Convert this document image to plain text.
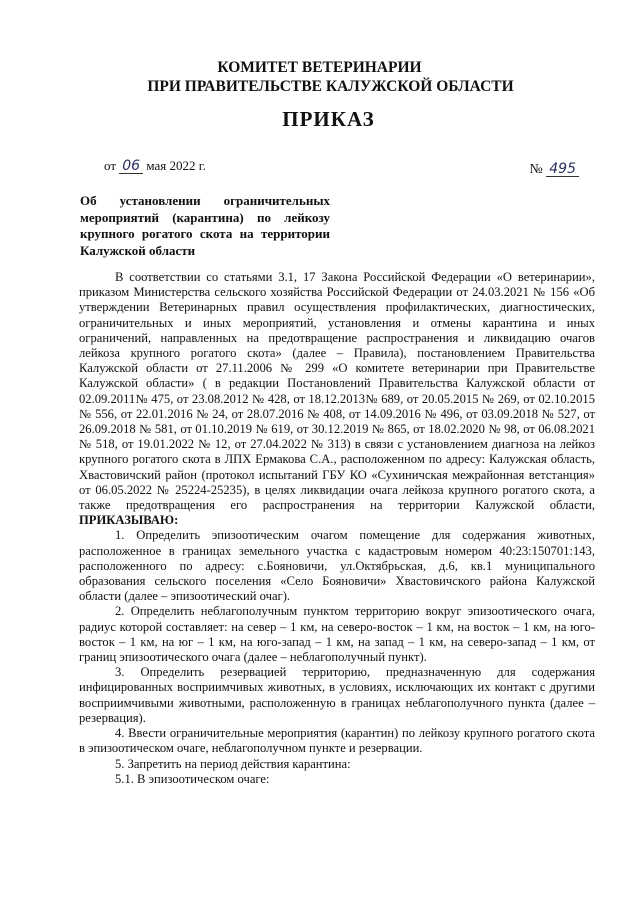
КОМИТЕТ ВЕТЕРИНАРИИ
ПРИ ПРАВИТЕЛЬСТВЕ КАЛУЖСКОЙ ОБЛАСТИ
ПРИКАЗ
от 06 мая 2022 г.	№ 495
Об установлении ограничительных мероприятий (карантина) по лейкозу крупного рогатого скота на территории Калужской области

В соответствии со статьями 3.1, 17 Закона Российской Федерации «О ветеринарии», приказом Министерства сельского хозяйства Российской Федерации от 24.03.2021 № 156 «Об утверждении Ветеринарных правил осуществления профилактических, диагностических, ограничительных и иных мероприятий, установления и отмены карантина и иных ограничений, направленных на предотвращение распространения и ликвидацию очагов лейкоза крупного рогатого скота» (далее – Правила), постановлением Правительства Калужской области от 27.11.2006 № 299 «О комитете ветеринарии при Правительстве Калужской области» ( в редакции Постановлений Правительства Калужской области от 02.09.2011№ 475, от 23.08.2012 № 428, от 18.12.2013№ 689, от 20.05.2015 № 269, от 02.10.2015 № 556, от 22.01.2016 № 24, от 28.07.2016 № 408, от 14.09.2016 № 496, от 03.09.2018 № 527, от 26.09.2018 № 581, от 01.10.2019 № 619, от 30.12.2019 № 865, от 18.02.2020 № 98, от 06.08.2021 № 518, от 19.01.2022 № 12, от 27.04.2022 № 313) в связи с установлением диагноза на лейкоз крупного рогатого скота в ЛПХ Ермакова С.А., расположенном по адресу: Калужская область, Хвастовичский район (протокол испытаний ГБУ КО «Сухиничская межрайонная ветстанция» от 06.05.2022 № 25224-25235), в целях ликвидации очага лейкоза крупного рогатого скота, а также предотвращения его распространения на территории Калужской области, ПРИКАЗЫВАЮ:

1. Определить эпизоотическим очагом помещение для содержания животных, расположенное в границах земельного участка с кадастровым номером 40:23:150701:143, расположенного по адресу: с.Бояновичи, ул.Октябрьская, д.6, кв.1 муниципального образования сельского поселения «Село Бояновичи» Хвастовичского района Калужской области (далее – эпизоотический очаг).

2. Определить неблагополучным пунктом территорию вокруг эпизоотического очага, радиус которой составляет: на север – 1 км, на северо-восток – 1 км, на восток – 1 км, на юго-восток – 1 км, на юг – 1 км, на юго-запад – 1 км, на запад – 1 км, на северо-запад – 1 км, от границ эпизоотического очага (далее – неблагополучный пункт).

3. Определить резервацией территорию, предназначенную для содержания инфицированных восприимчивых животных, в условиях, исключающих их контакт с другими восприимчивыми животными, расположенную в границах неблагополучного пункта (далее – резервация).

4. Ввести ограничительные мероприятия (карантин) по лейкозу крупного рогатого скота в эпизоотическом очаге, неблагополучном пункте и резервации.

5. Запретить на период действия карантина:

5.1. В эпизоотическом очаге:
